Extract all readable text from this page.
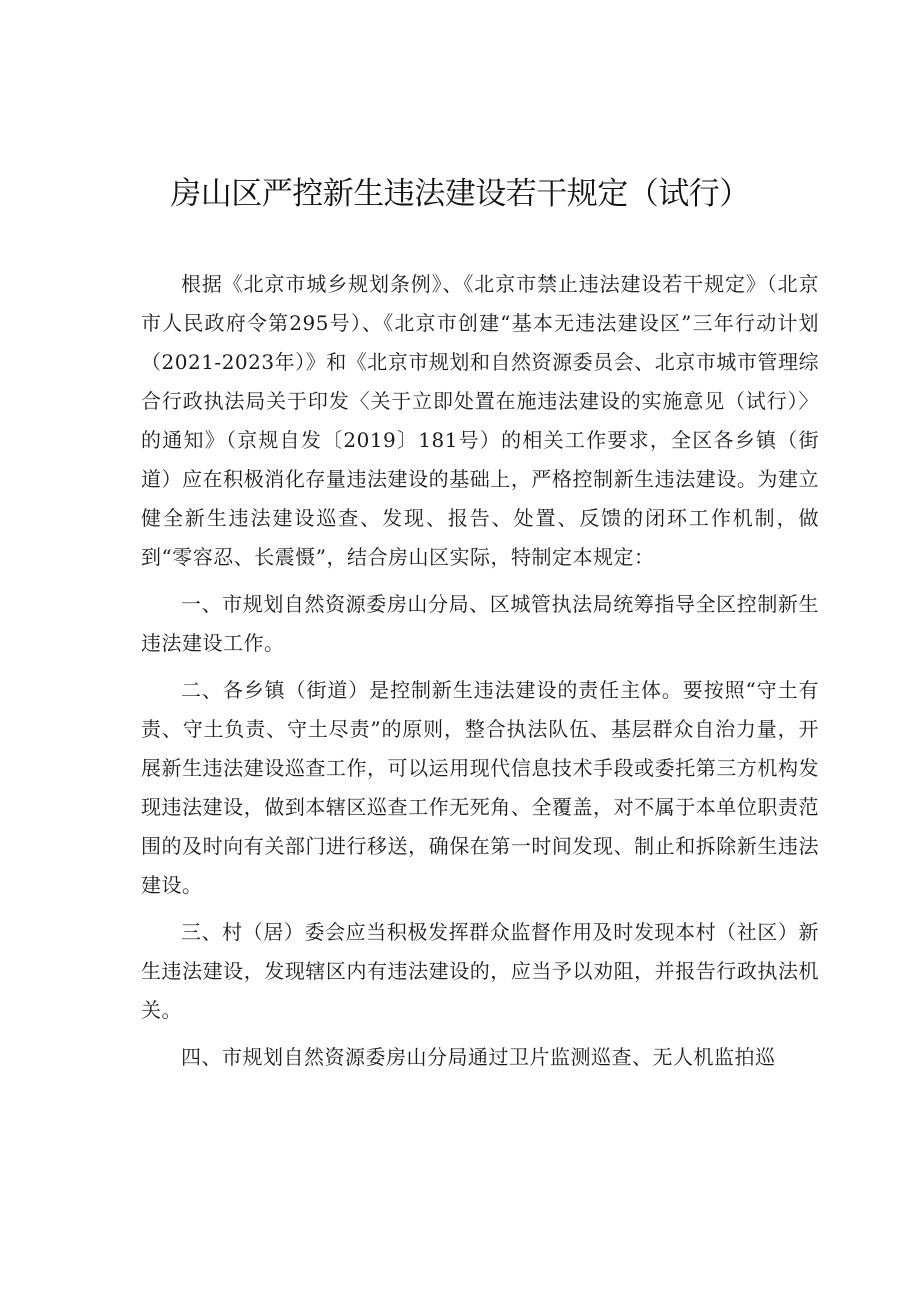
房山区严控新生违法建设若干规定（试行）

根据《北京市城乡规划条例》、《北京市禁止违法建设若干规定》（北京市人民政府令第295号）、《北京市创建“基本无违法建设区”三年行动计划（2021-2023年）》和《北京市规划和自然资源委员会、北京市城市管理综合行政执法局关于印发〈关于立即处置在施违法建设的实施意见（试行）〉的通知》（京规自发〔2019〕181号）的相关工作要求，全区各乡镇（街道）应在积极消化存量违法建设的基础上，严格控制新生违法建设。为建立健全新生违法建设巡查、发现、报告、处置、反馈的闭环工作机制，做到“零容忍、长震慑”，结合房山区实际，特制定本规定：

一、市规划自然资源委房山分局、区城管执法局统筹指导全区控制新生违法建设工作。

二、各乡镇（街道）是控制新生违法建设的责任主体。要按照“守土有责、守土负责、守土尽责”的原则，整合执法队伍、基层群众自治力量，开展新生违法建设巡查工作，可以运用现代信息技术手段或委托第三方机构发现违法建设，做到本辖区巡查工作无死角、全覆盖，对不属于本单位职责范围的及时向有关部门进行移送，确保在第一时间发现、制止和拆除新生违法建设。

三、村（居）委会应当积极发挥群众监督作用及时发现本村（社区）新生违法建设，发现辖区内有违法建设的，应当予以劝阻，并报告行政执法机关。

四、市规划自然资源委房山分局通过卫片监测巡查、无人机监拍巡
